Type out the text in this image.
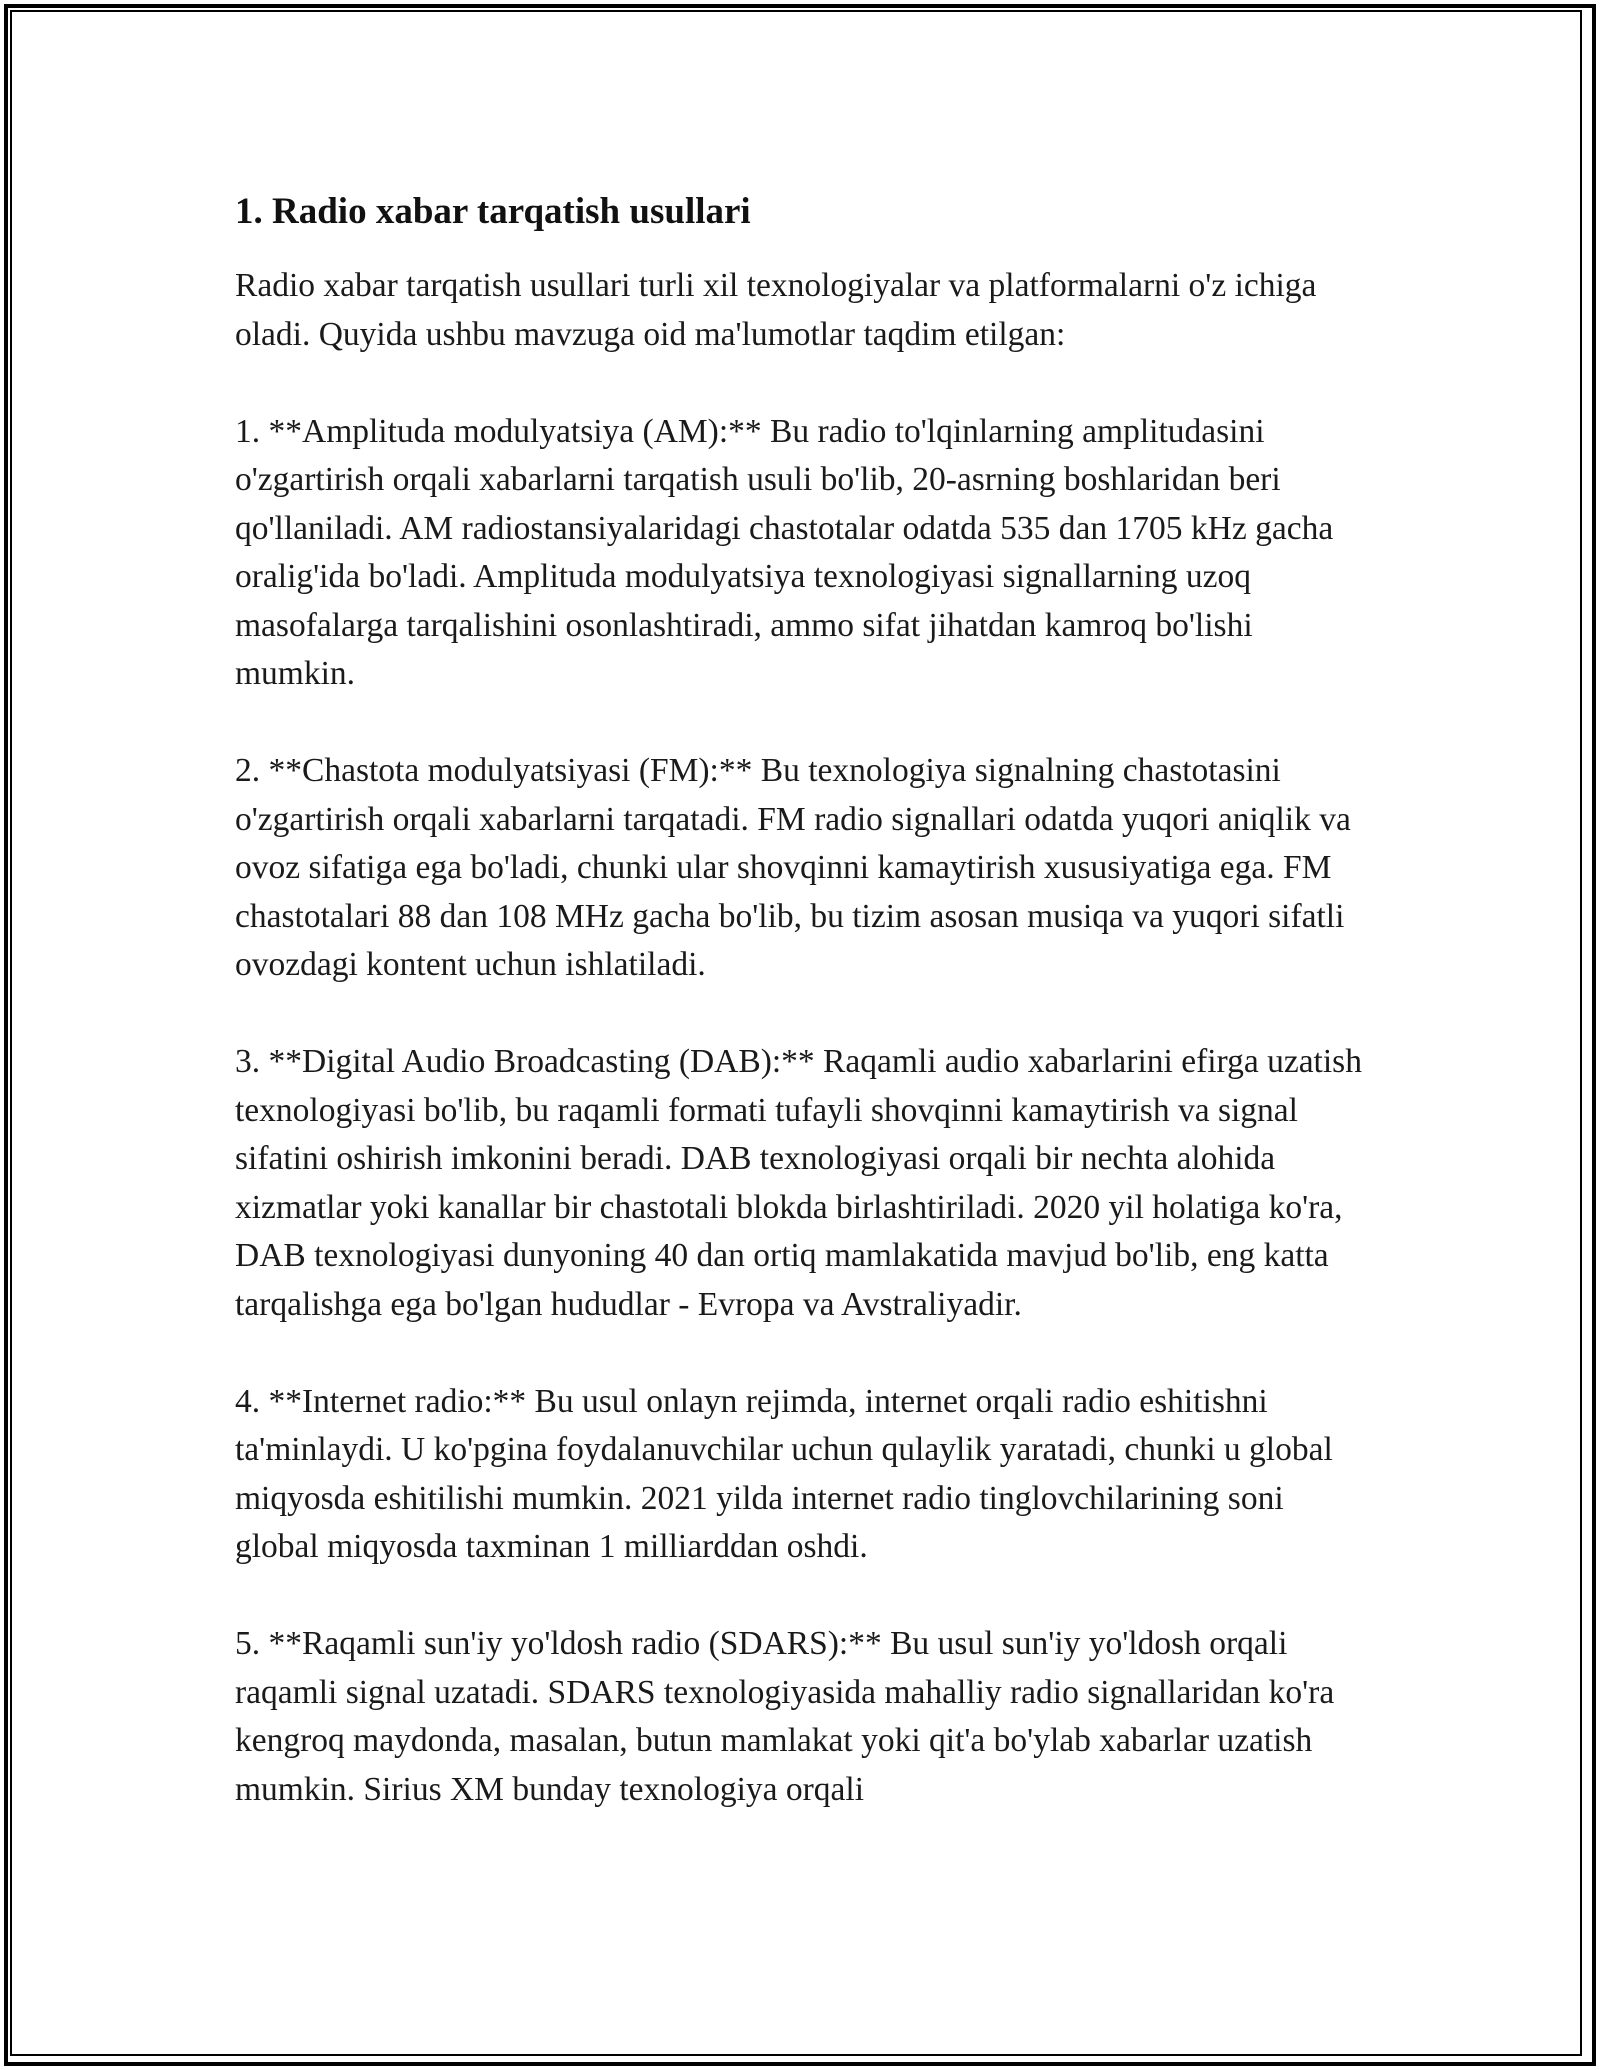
1. Radio xabar tarqatish usullari

Radio xabar tarqatish usullari turli xil texnologiyalar va platformalarni o'z ichiga oladi. Quyida ushbu mavzuga oid ma'lumotlar taqdim etilgan:

1. **Amplituda modulyatsiya (AM):** Bu radio to'lqinlarning amplitudasini o'zgartirish orqali xabarlarni tarqatish usuli bo'lib, 20-asrning boshlaridan beri qo'llaniladi. AM radiostansiyalaridagi chastotalar odatda 535 dan 1705 kHz gacha oralig'ida bo'ladi. Amplituda modulyatsiya texnologiyasi signallarning uzoq masofalarga tarqalishini osonlashtiradi, ammo sifat jihatdan kamroq bo'lishi mumkin.

2. **Chastota modulyatsiyasi (FM):** Bu texnologiya signalning chastotasini o'zgartirish orqali xabarlarni tarqatadi. FM radio signallari odatda yuqori aniqlik va ovoz sifatiga ega bo'ladi, chunki ular shovqinni kamaytirish xususiyatiga ega. FM chastotalari 88 dan 108 MHz gacha bo'lib, bu tizim asosan musiqa va yuqori sifatli ovozdagi kontent uchun ishlatiladi.

3. **Digital Audio Broadcasting (DAB):** Raqamli audio xabarlarini efirga uzatish texnologiyasi bo'lib, bu raqamli formati tufayli shovqinni kamaytirish va signal sifatini oshirish imkonini beradi. DAB texnologiyasi orqali bir nechta alohida xizmatlar yoki kanallar bir chastotali blokda birlashtiriladi. 2020 yil holatiga ko'ra, DAB texnologiyasi dunyoning 40 dan ortiq mamlakatida mavjud bo'lib, eng katta tarqalishga ega bo'lgan hududlar - Evropa va Avstraliyadir.

4. **Internet radio:** Bu usul onlayn rejimda, internet orqali radio eshitishni ta'minlaydi. U ko'pgina foydalanuvchilar uchun qulaylik yaratadi, chunki u global miqyosda eshitilishi mumkin. 2021 yilda internet radio tinglovchilarining soni global miqyosda taxminan 1 milliarddan oshdi.

5. **Raqamli sun'iy yo'ldosh radio (SDARS):** Bu usul sun'iy yo'ldosh orqali raqamli signal uzatadi. SDARS texnologiyasida mahalliy radio signallaridan ko'ra kengroq maydonda, masalan, butun mamlakat yoki qit'a bo'ylab xabarlar uzatish mumkin. Sirius XM bunday texnologiya orqali
